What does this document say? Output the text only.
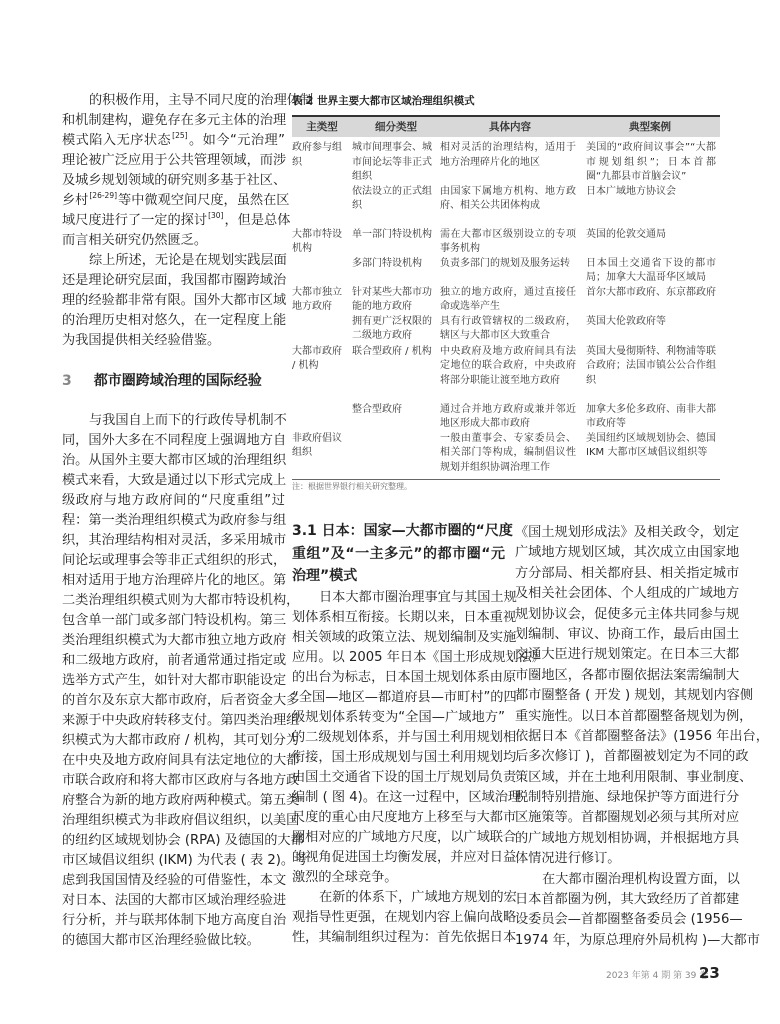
的积极作用，主导不同尺度的治理体制
和机制建构，避免存在多元主体的治理
模式陷入无序状态[25]。如今“元治理”
理论被广泛应用于公共管理领域，而涉
及城乡规划领域的研究则多基于社区、
乡村[26-29]等中微观空间尺度，虽然在区
域尺度进行了一定的探讨[30]，但是总体
而言相关研究仍然匮乏。
综上所述，无论是在规划实践层面
还是理论研究层面，我国都市圈跨域治
理的经验都非常有限。国外大都市区域
的治理历史相对悠久，在一定程度上能
为我国提供相关经验借鉴。
3 都市圈跨域治理的国际经验
与我国自上而下的行政传导机制不
同，国外大多在不同程度上强调地方自
治。从国外主要大都市区域的治理组织
模式来看，大致是通过以下形式完成上
级政府与地方政府间的“尺度重组”过
程：第一类治理组织模式为政府参与组
织，其治理结构相对灵活，多采用城市
间论坛或理事会等非正式组织的形式，
相对适用于地方治理碎片化的地区。第
二类治理组织模式则为大都市特设机构，
包含单一部门或多部门特设机构。第三
类治理组织模式为大都市独立地方政府
和二级地方政府，前者通常通过指定或
选举方式产生，如针对大都市职能设定
的首尔及东京大都市政府，后者资金大多
来源于中央政府转移支付。第四类治理组
织模式为大都市政府 / 机构，其可划分为
在中央及地方政府间具有法定地位的大都
市联合政府和将大都市区政府与各地方政
府整合为新的地方政府两种模式。第五类
治理组织模式为非政府倡议组织，以美国
的纽约区域规划协会 (RPA) 及德国的大都
市区域倡议组织 (IKM) 为代表 ( 表 2)。考
虑到我国国情及经验的可借鉴性，本文
对日本、法国的大都市区域治理经验进
行分析，并与联邦体制下地方高度自治
的德国大都市区治理经验做比较。
表 2 世界主要大都市区域治理组织模式
主类型	细分类型	具体内容	典型案例
政府参与组织	城市间理事会、城市间论坛等非正式组织	相对灵活的治理结构，适用于地方治理碎片化的地区	美国的“政府间议事会”“大都市规划组织”；日本首都圈“九都县市首脑会议”
	依法设立的正式组织	由国家下属地方机构、地方政府、相关公共团体构成	日本广域地方协议会
大都市特设机构	单一部门特设机构	需在大都市区级别设立的专项事务机构	英国的伦敦交通局
	多部门特设机构	负责多部门的规划及服务运转	日本国土交通省下设的都市局；加拿大大温哥华区域局
大都市独立地方政府	针对某些大都市功能的地方政府	独立的地方政府，通过直接任命或选举产生	首尔大都市政府、东京都政府
	拥有更广泛权限的二级地方政府	具有行政管辖权的二级政府，辖区与大都市区大致重合	英国大伦敦政府等
大都市政府 / 机构	联合型政府 / 机构	中央政府及地方政府间具有法定地位的联合政府，中央政府将部分职能让渡至地方政府	英国大曼彻斯特、利物浦等联合政府；法国市镇公公合作组织
	整合型政府	通过合并地方政府或兼并邻近地区形成大都市政府	加拿大多伦多政府、南非大都市政府等
非政府倡议组织		一般由董事会、专家委员会、相关部门等构成，编制倡议性规划并组织协调治理工作	美国纽约区域规划协会、德国 IKM 大都市区域倡议组织等
注：根据世界银行相关研究整理。
3.1 日本：国家—大都市圈的“尺度
重组”及“一主多元”的都市圈“元
治理”模式
日本大都市圈治理事宜与其国土规
划体系相互衔接。长期以来，日本重视
相关领域的政策立法、规划编制及实施
应用。以 2005 年日本《国土形成规划法》
的出台为标志，日本国土规划体系由原
“全国—地区—都道府县—市町村”的四
级规划体系转变为“全国—广域地方”
的二级规划体系，并与国土利用规划相
衔接，国土形成规划与国土利用规划均
由国土交通省下设的国土厅规划局负责
编制 ( 图 4)。在这一过程中，区域治理
尺度的重心由尺度地方上移至与大都市
圈相对应的广域地方尺度，以广域联合
的视角促进国土均衡发展，并应对日益
激烈的全球竞争。
在新的体系下，广域地方规划的宏
观指导性更强，在规划内容上偏向战略
性，其编制组织过程为：首先依据日本
《国土规划形成法》及相关政令，划定
广域地方规划区域，其次成立由国家地
方分部局、相关都府县、相关指定城市
及相关社会团体、个人组成的广域地方
规划协议会，促使多元主体共同参与规
划编制、审议、协商工作，最后由国土
交通大臣进行规划策定。在日本三大都
市圈地区，各都市圈依据法案需编制大
都市圈整备 ( 开发 ) 规划，其规划内容侧
重实施性。以日本首都圈整备规划为例，
依据日本《首都圈整备法》(1956 年出台，
后多次修订 )，首都圈被划定为不同的政
策区域，并在土地利用限制、事业制度、
税制特别措施、绿地保护等方面进行分
区施策等。首都圈规划必须与其所对应
的广域地方规划相协调，并根据地方具
体情况进行修订。
在大都市圈治理机构设置方面，以
日本首都圈为例，其大致经历了首都建
设委员会—首都圈整备委员会 (1956—
1974 年，为原总理府外局机构 )—大都市
2023 年第 4 期 第 39 卷
23
